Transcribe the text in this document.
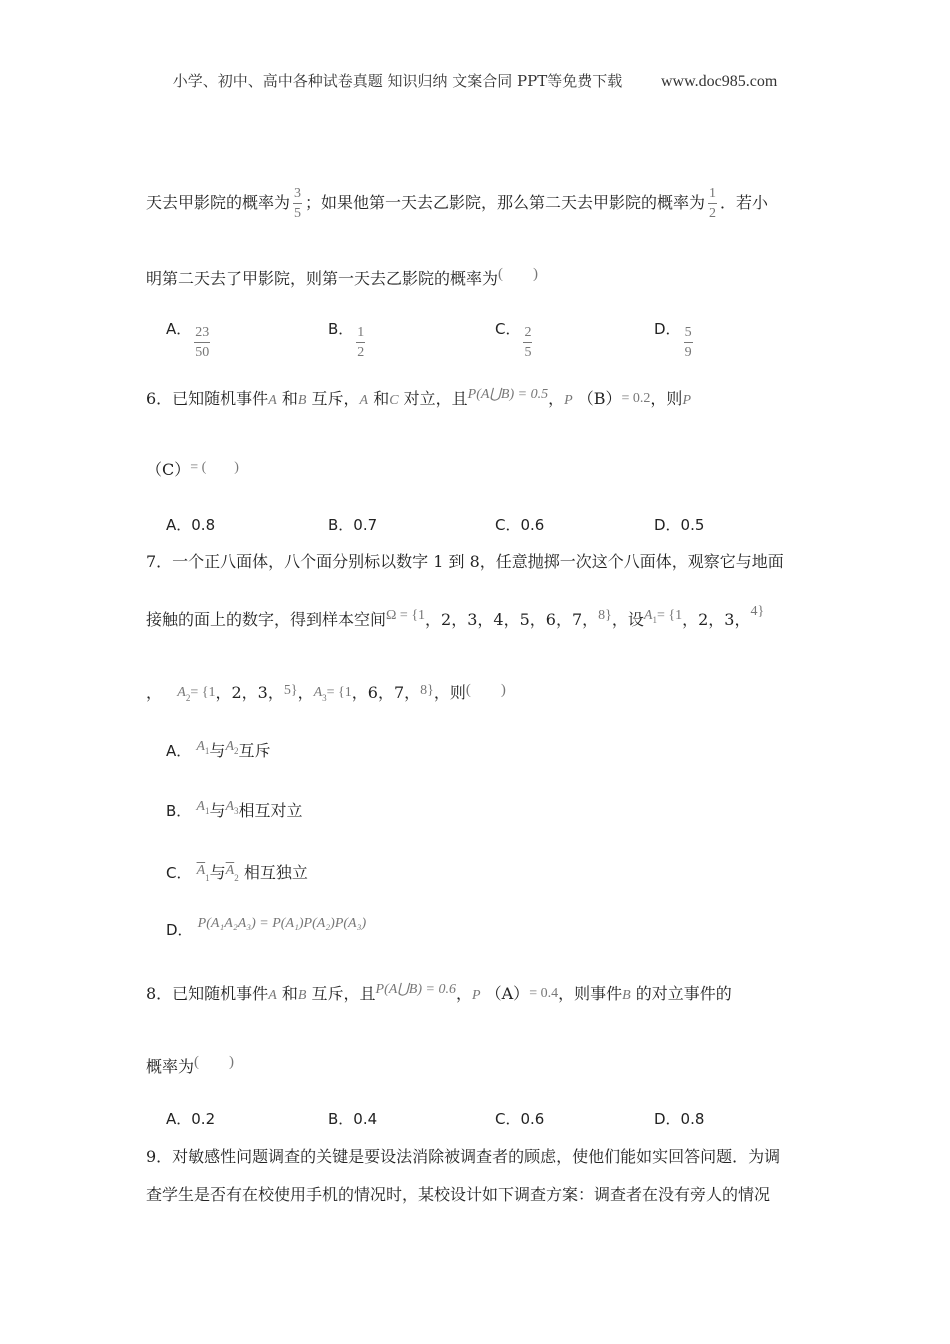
小学、初中、高中各种试卷真题 知识归纳 文案合同 PPT等免费下载 www.doc985.com
天去甲影院的概率为 $\frac{3}{5}$ ；如果他第一天去乙影院，那么第二天去甲影院的概率为 $\frac{1}{2}$ ．若小
明第二天去了甲影院，则第一天去乙影院的概率为(　　)
A． $\frac{23}{50}$	B． $\frac{1}{2}$	C． $\frac{2}{5}$	D． $\frac{5}{9}$
6．已知随机事件A 和B 互斥，A 和C 对立，且P(A⋃B) = 0.5，P （B）= 0.2，则P
（C）= (　　)
A．0.8	B．0.7	C．0.6	D．0.5
7．一个正八面体，八个面分别标以数字 1 到 8，任意抛掷一次这个八面体，观察它与地面
接触的面上的数字，得到样本空间Ω = {1，2，3，4，5，6，7，8}，设$A^1= \{1$，2，3，4}
， $A_2= \{1$，2，3，5}，$A_3= \{1$，6，7，8}，则(　　)
A． $A^1$与$A^2$互斥
B． $A^1$与$A^3$相互对立
C． $\overline{A}_1$与$\overline{A}_2$ 相互独立
D． P(A₁A₂A₃) = P(A₁)P(A₂)P(A₃)
8．已知随机事件A 和B 互斥，且P(A⋃B) = 0.6，P （A）= 0.4，则事件B 的对立事件的
概率为(　　)
A．0.2	B．0.4	C．0.6	D．0.8
9．对敏感性问题调查的关键是要设法消除被调查者的顾虑，使他们能如实回答问题．为调
查学生是否有在校使用手机的情况时，某校设计如下调查方案：调查者在没有旁人的情况
